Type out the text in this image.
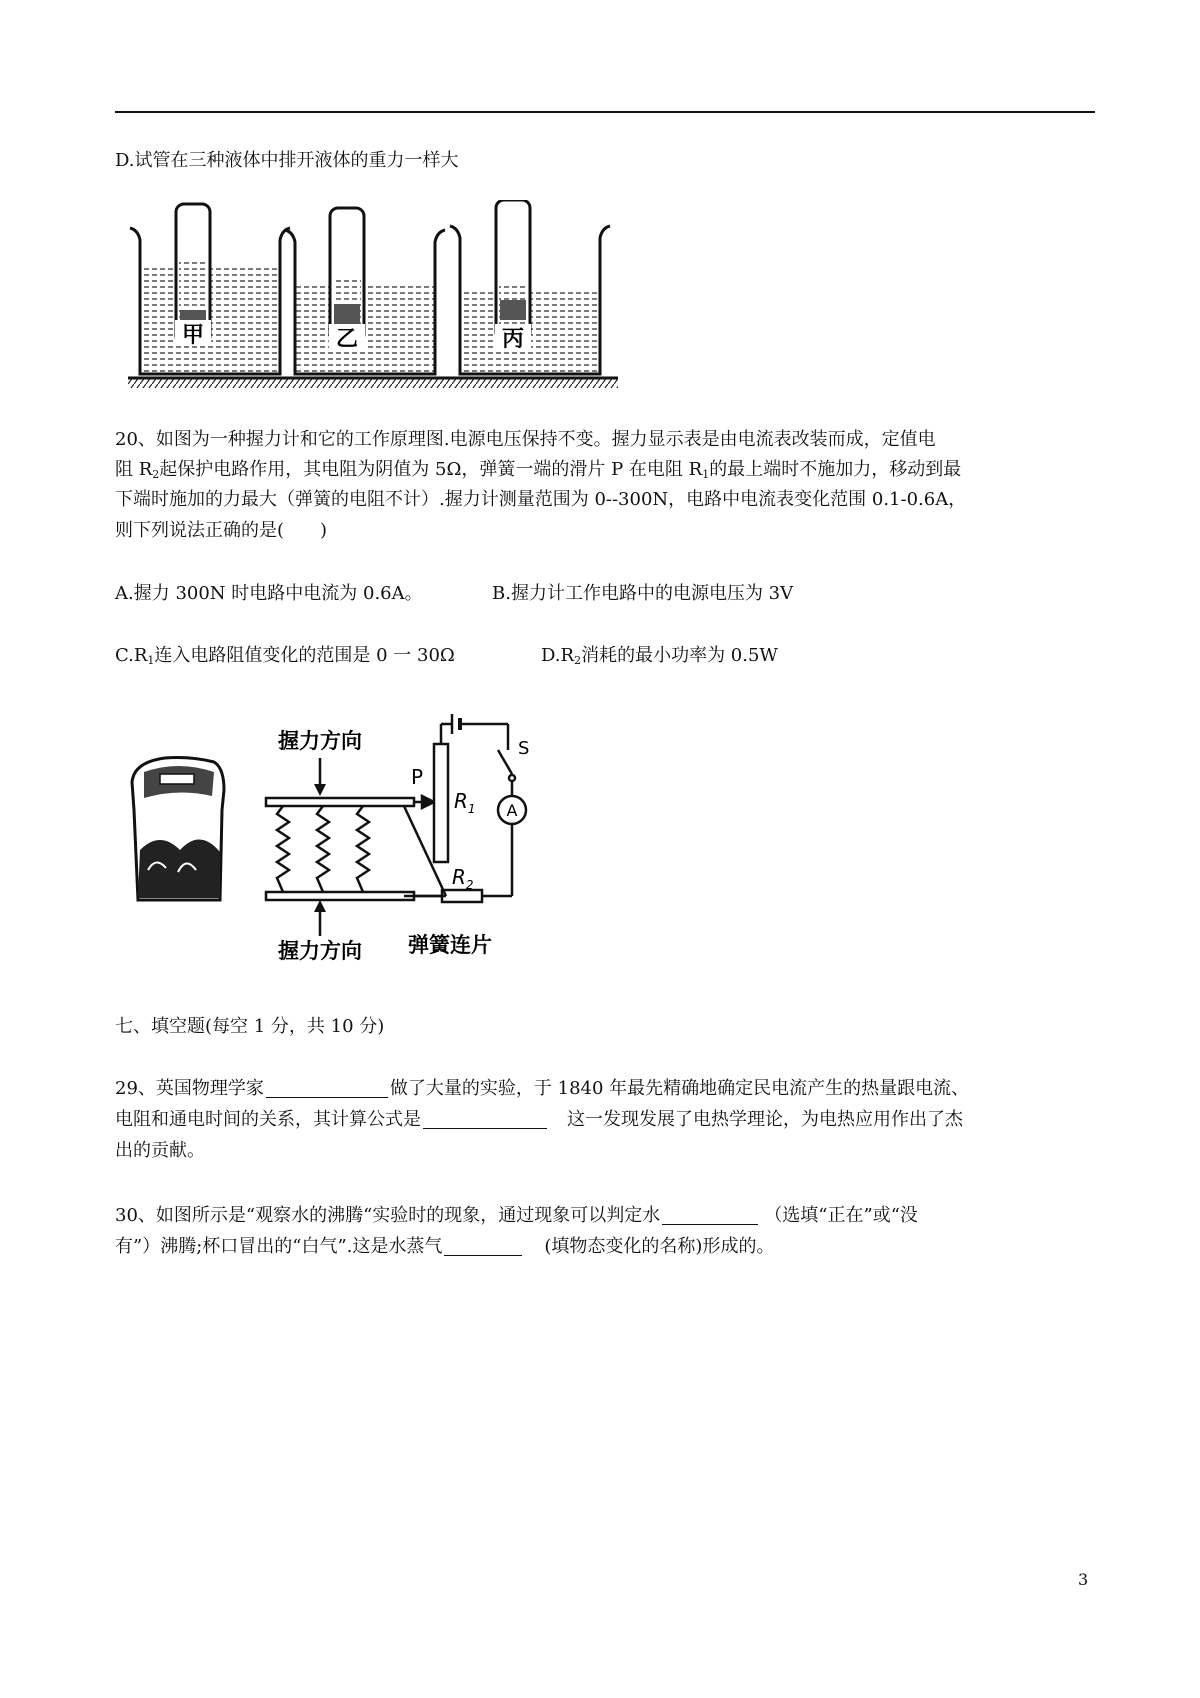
D.试管在三种液体中排开液体的重力一样大
甲	乙	丙
20、如图为一种握力计和它的工作原理图.电源电压保持不变。握力显示表是由电流表改装而成，定值电
阻 $R_2$起保护电路作用，其电阻为阴值为 5Ω，弹簧一端的滑片 P 在电阻 $R_1$的最上端时不施加力，移动到最
下端时施加的力最大（弹簧的电阻不计）.握力计测量范围为 0--300N，电路中电流表变化范围 0.1-0.6A，
则下列说法正确的是(　　)
A.握力 300N 时电路中电流为 0.6A。	B.握力计工作电路中的电源电压为 3V
$C.R_1$连入电路阻值变化的范围是 0 一 30Ω	$D.R_2$消耗的最小功率为 0.5W
握力方向
握力方向
P
$R_1$
$R_2$
S
A
弹簧连片
七、填空题(每空 1 分，共 10 分)
29、英国物理学家	做了大量的实验，于 1840 年最先精确地确定民电流产生的热量跟电流、
电阻和通电时间的关系，其计算公式是	这一发现发展了电热学理论，为电热应用作出了杰
出的贡献。
30、如图所示是“观察水的沸腾“实验时的现象，通过现象可以判定水	（选填“正在”或“没
有”）沸腾;杯口冒出的“白气”.这是水蒸气	(填物态变化的名称)形成的。
3
